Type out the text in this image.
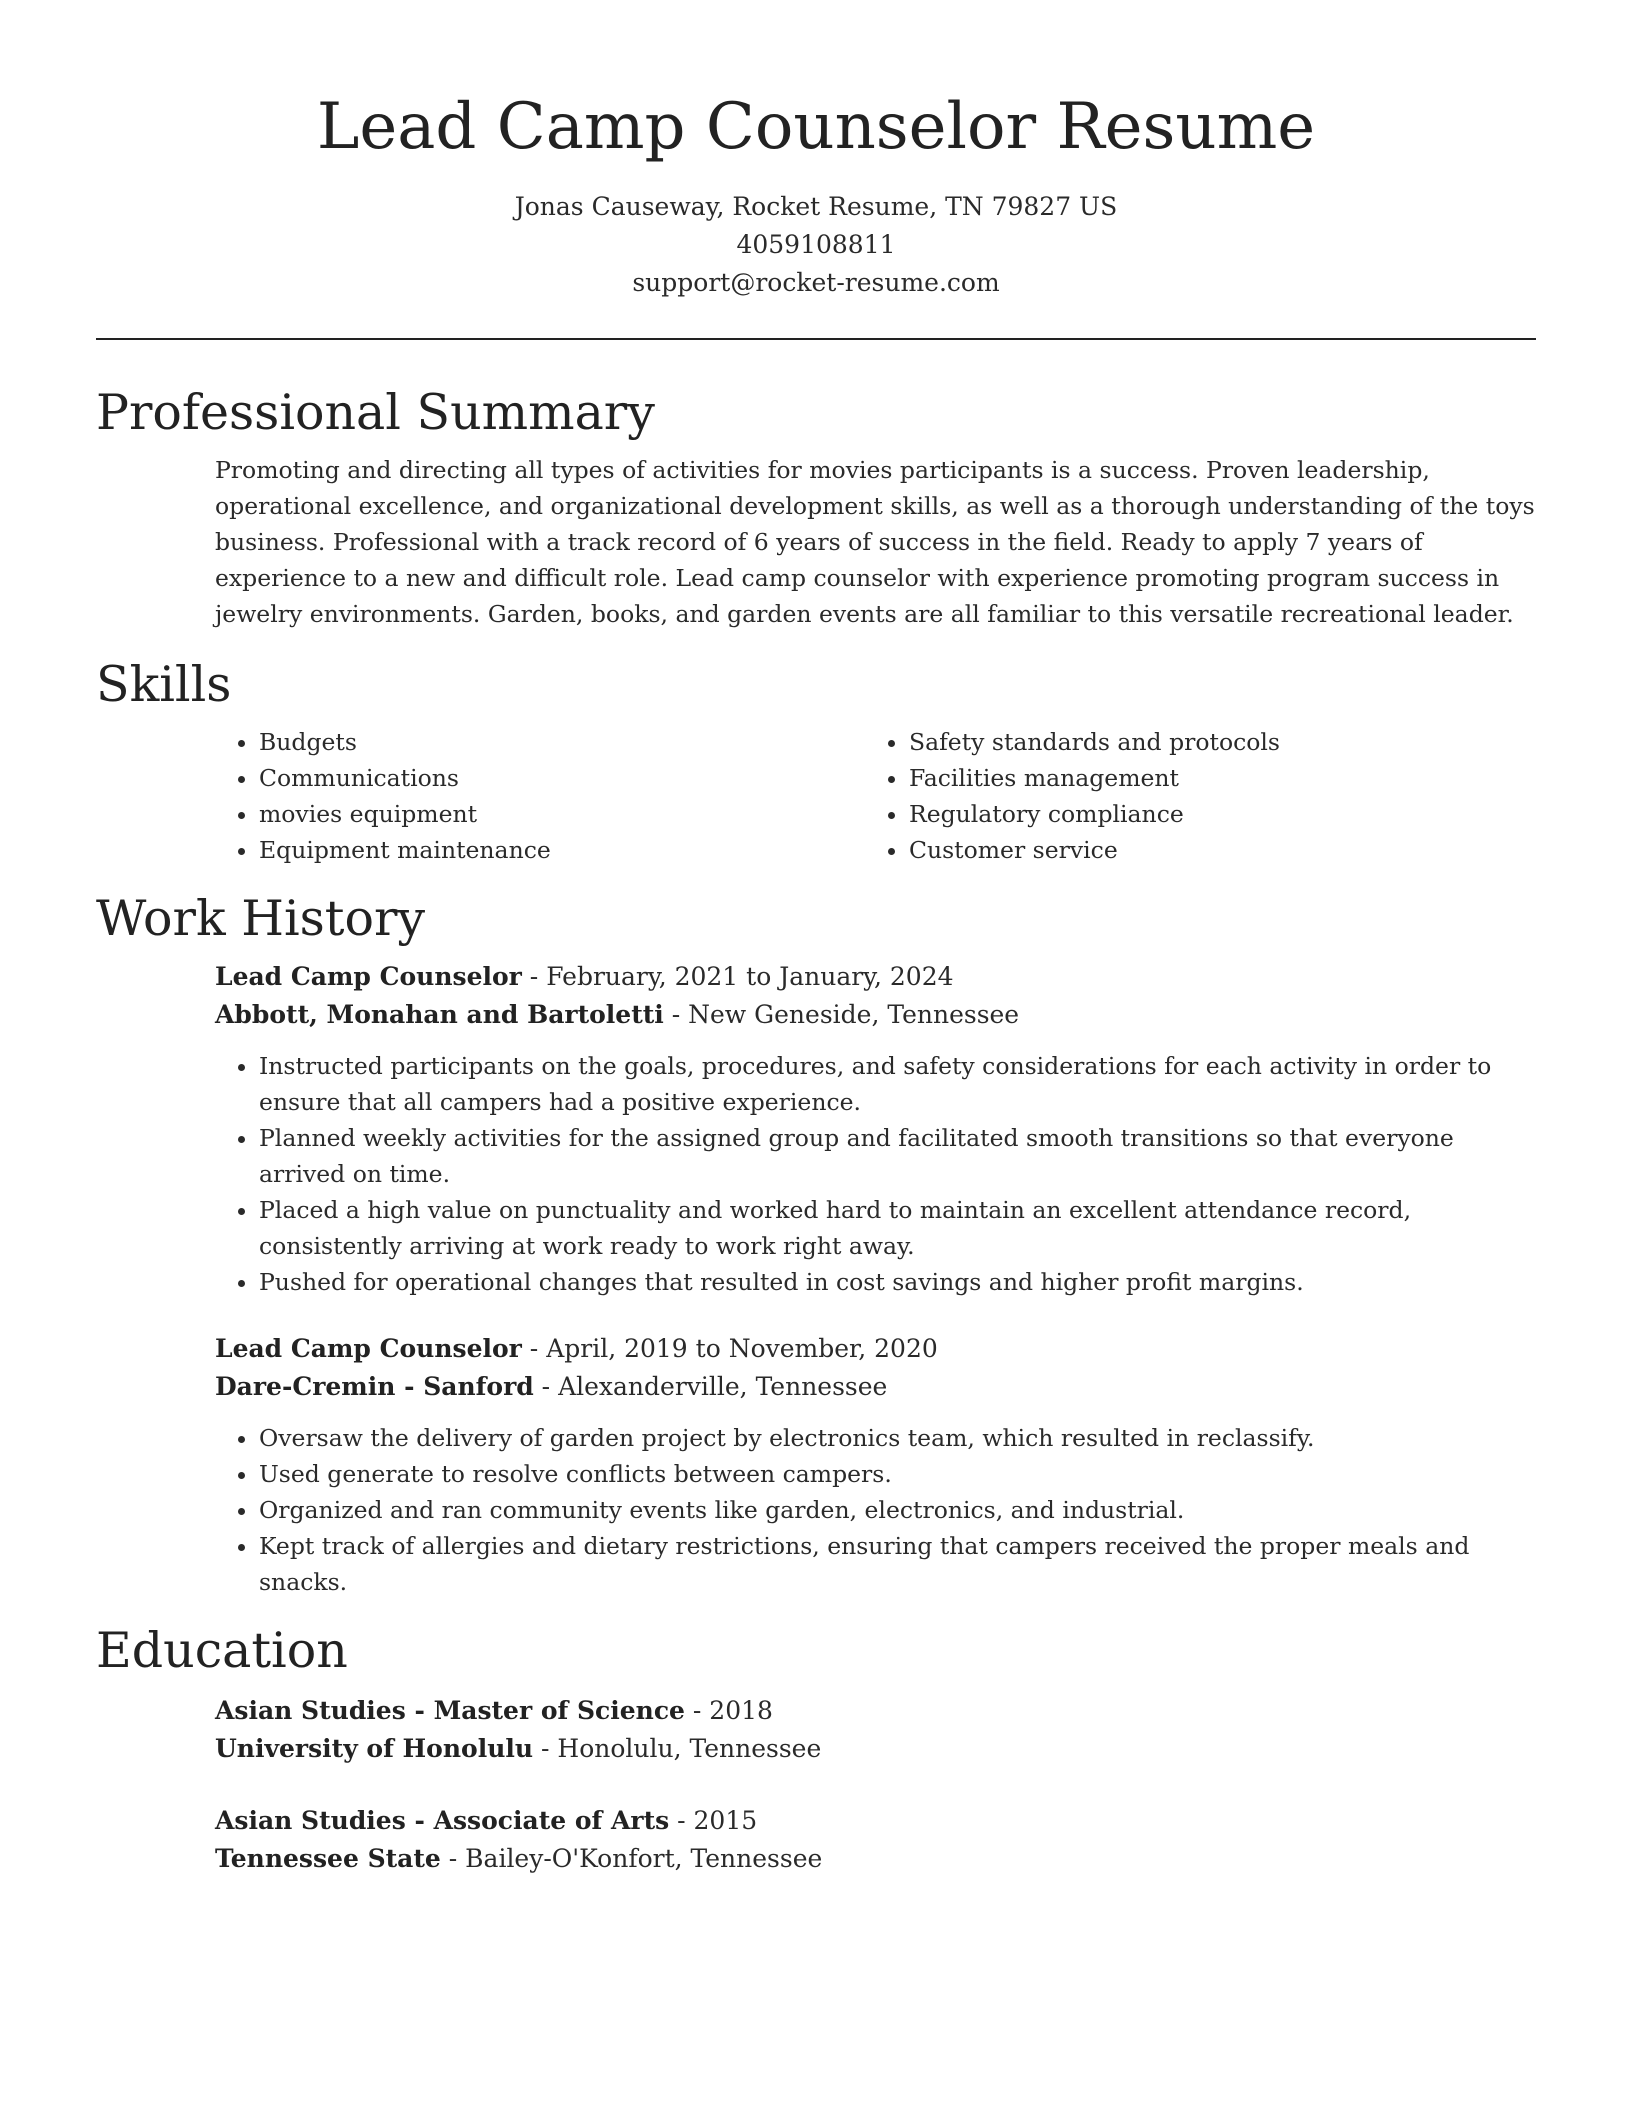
Lead Camp Counselor Resume
Jonas Causeway, Rocket Resume, TN 79827 US
4059108811
support@rocket-resume.com
Professional Summary

Promoting and directing all types of activities for movies participants is a success. Proven leadership, operational excellence, and organizational development skills, as well as a thorough understanding of the toys business. Professional with a track record of 6 years of success in the field. Ready to apply 7 years of experience to a new and difficult role. Lead camp counselor with experience promoting program success in jewelry environments. Garden, books, and garden events are all familiar to this versatile recreational leader.

Skills
• Budgets
• Communications
• movies equipment
• Equipment maintenance
• Safety standards and protocols
• Facilities management
• Regulatory compliance
• Customer service
Work History
Lead Camp Counselor - February, 2021 to January, 2024
Abbott, Monahan and Bartoletti - New Geneside, Tennessee
• Instructed participants on the goals, procedures, and safety considerations for each activity in order to ensure that all campers had a positive experience.
• Planned weekly activities for the assigned group and facilitated smooth transitions so that everyone arrived on time.
• Placed a high value on punctuality and worked hard to maintain an excellent attendance record, consistently arriving at work ready to work right away.
• Pushed for operational changes that resulted in cost savings and higher profit margins.
Lead Camp Counselor - April, 2019 to November, 2020
Dare-Cremin - Sanford - Alexanderville, Tennessee
• Oversaw the delivery of garden project by electronics team, which resulted in reclassify.
• Used generate to resolve conflicts between campers.
• Organized and ran community events like garden, electronics, and industrial.
• Kept track of allergies and dietary restrictions, ensuring that campers received the proper meals and snacks.
Education
Asian Studies - Master of Science - 2018
University of Honolulu - Honolulu, Tennessee
Asian Studies - Associate of Arts - 2015
Tennessee State - Bailey-O'Konfort, Tennessee
